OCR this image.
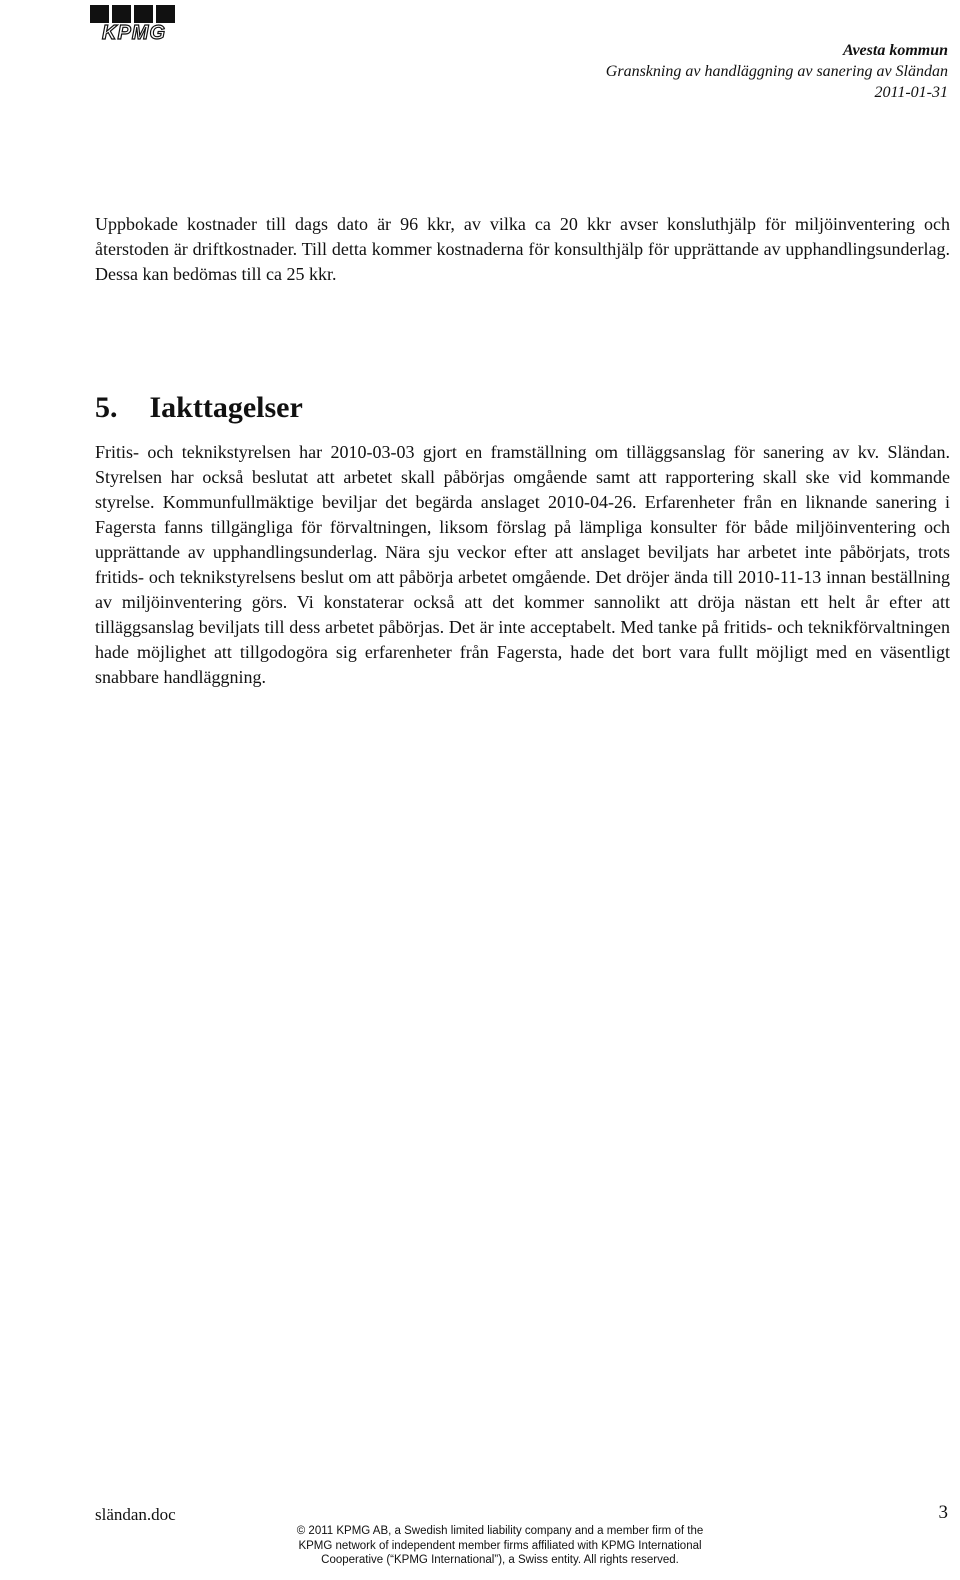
KPMG
Avesta kommun
Granskning av handläggning av sanering av Sländan
2011-01-31

Uppbokade kostnader till dags dato är 96 kkr, av vilka ca 20 kkr avser konsluthjälp för miljöinventering och återstoden är driftkostnader. Till detta kommer kostnaderna för konsulthjälp för upprättande av upphandlingsunderlag. Dessa kan bedömas till ca 25 kkr.

5. Iakttagelser

Fritis- och teknikstyrelsen har 2010-03-03 gjort en framställning om tilläggsanslag för sanering av kv. Sländan. Styrelsen har också beslutat att arbetet skall påbörjas omgående samt att rapportering skall ske vid kommande styrelse. Kommunfullmäktige beviljar det begärda anslaget 2010-04-26. Erfarenheter från en liknande sanering i Fagersta fanns tillgängliga för förvaltningen, liksom förslag på lämpliga konsulter för både miljöinventering och upprättande av upphandlingsunderlag. Nära sju veckor efter att anslaget beviljats har arbetet inte påbörjats, trots fritids- och teknikstyrelsens beslut om att påbörja arbetet omgående. Det dröjer ända till 2010-11-13 innan beställning av miljöinventering görs. Vi konstaterar också att det kommer sannolikt att dröja nästan ett helt år efter att tilläggsanslag beviljats till dess arbetet påbörjas. Det är inte acceptabelt. Med tanke på fritids- och teknikförvaltningen hade möjlighet att tillgodogöra sig erfarenheter från Fagersta, hade det bort vara fullt möjligt med en väsentligt snabbare handläggning.

sländan.doc	3
© 2011 KPMG AB, a Swedish limited liability company and a member firm of the
KPMG network of independent member firms affiliated with KPMG International
Cooperative (“KPMG International”), a Swiss entity. All rights reserved.
